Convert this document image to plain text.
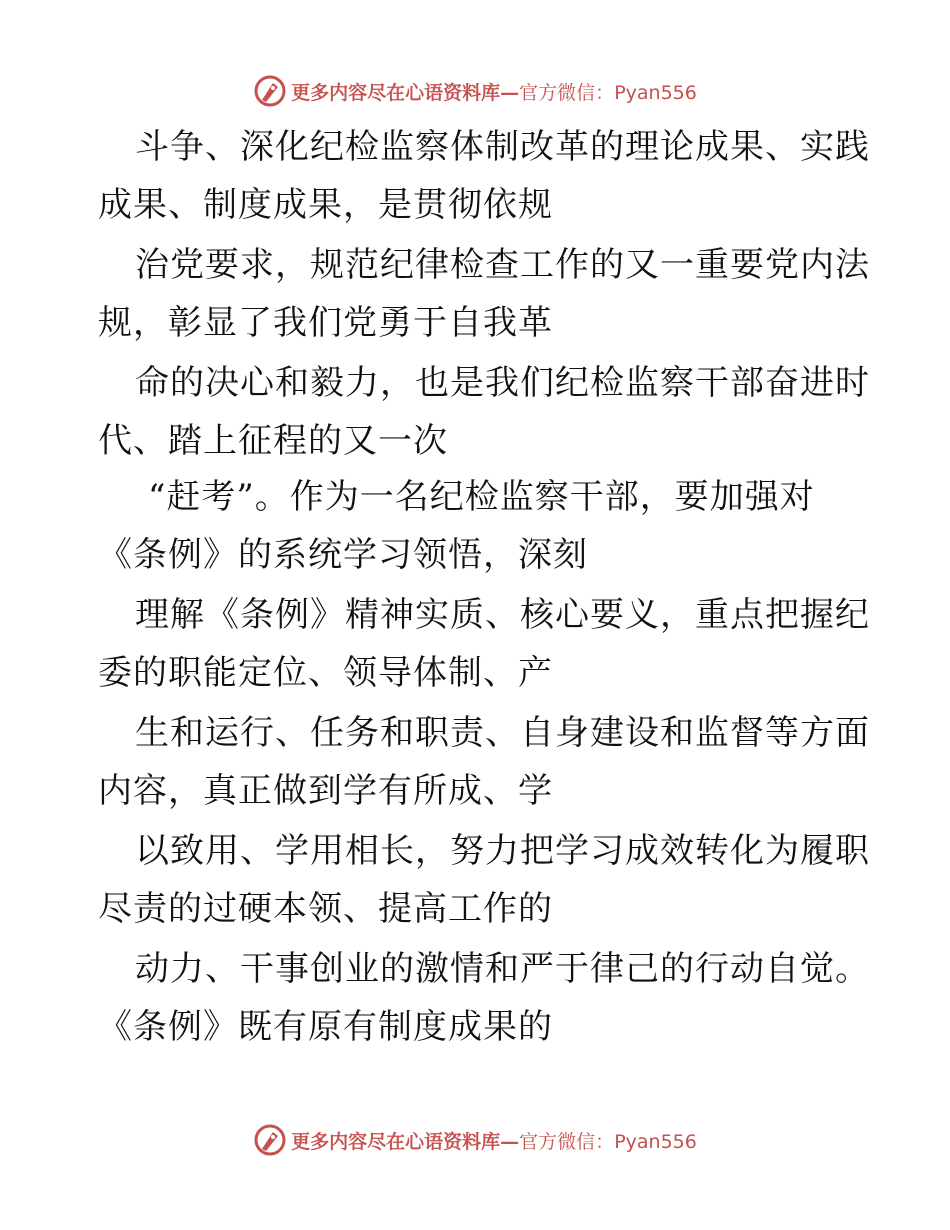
更多内容尽在心语资料库—官方微信：Pyan556
斗争、深化纪检监察体制改革的理论成果、实践
成果、制度成果，是贯彻依规
治党要求，规范纪律检查工作的又一重要党内法
规，彰显了我们党勇于自我革
命的决心和毅力，也是我们纪检监察干部奋进时
代、踏上征程的又一次
“赶考”。作为一名纪检监察干部，要加强对
《条例》的系统学习领悟，深刻
理解《条例》精神实质、核心要义，重点把握纪
委的职能定位、领导体制、产
生和运行、任务和职责、自身建设和监督等方面
内容，真正做到学有所成、学
以致用、学用相长，努力把学习成效转化为履职
尽责的过硬本领、提高工作的
动力、干事创业的激情和严于律己的行动自觉。
《条例》既有原有制度成果的
更多内容尽在心语资料库—官方微信：Pyan556
